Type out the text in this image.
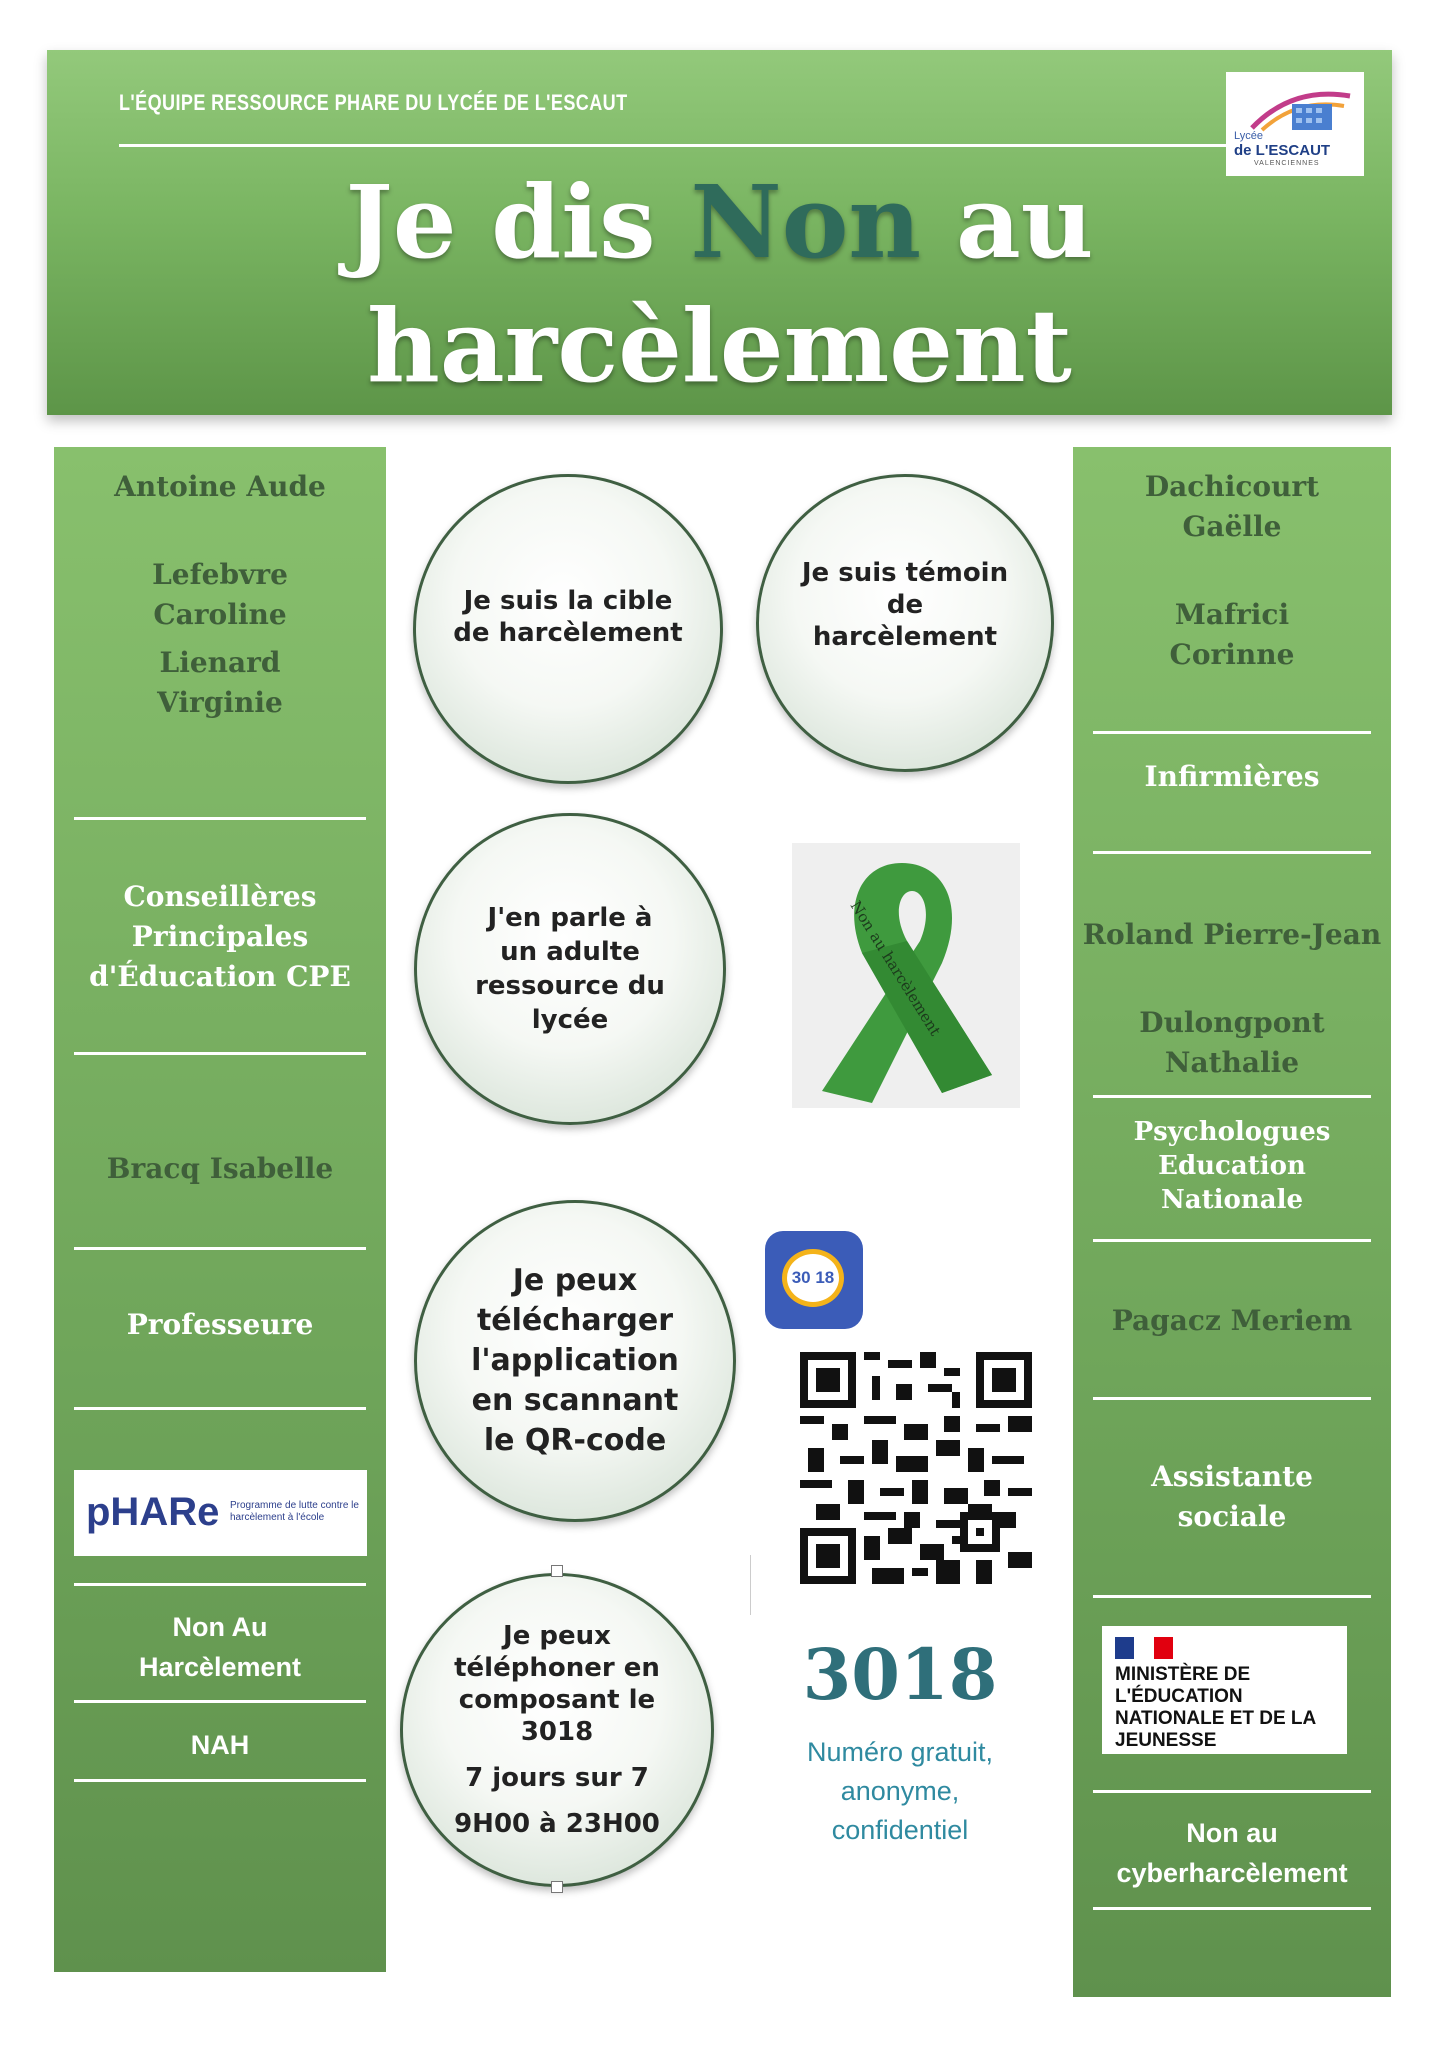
L'ÉQUIPE RESSOURCE PHARE DU LYCÉE DE L'ESCAUT
Je dis Non au
harcèlement
Lycée
de L'ESCAUT
VALENCIENNES
Antoine Aude
Lefebvre Caroline
Lienard Virginie
Conseillères Principales d'Éducation CPE
Bracq Isabelle
Professeure
Non Au Harcèlement
NAH
pHARe Programme de lutte contre le harcèlement à l'école
Dachicourt Gaëlle
Mafrici Corinne
Infirmières
Roland Pierre-Jean
Dulongpont Nathalie
Psychologues Education Nationale
Pagacz Meriem
Assistante sociale
Non au cyberharcèlement
MINISTÈRE DE L'ÉDUCATION NATIONALE ET DE LA JEUNESSE
Je suis la cible de harcèlement
Je suis témoin de harcèlement
J'en parle à un adulte ressource du lycée
Je peux télécharger l'application en scannant le QR-code
Je peux téléphoner en composant le 3018
7 jours sur 7
9H00 à 23H00
Non au harcèlement
30 18
3018
Numéro gratuit,
anonyme,
confidentiel
